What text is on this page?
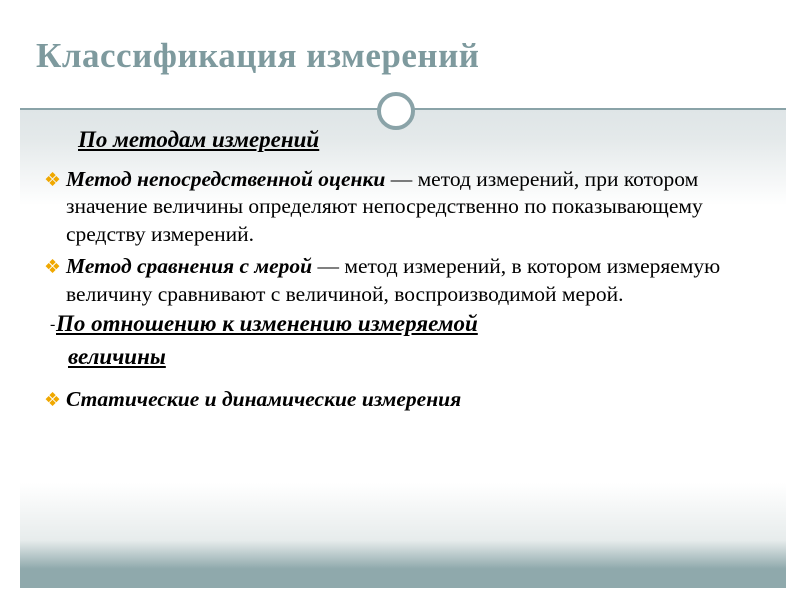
Классификация измерений
По методам измерений
❖ Метод непосредственной оценки — метод измерений, при котором значение величины определяют непосредственно по показывающему средству измерений.
❖ Метод сравнения с мерой — метод измерений, в котором измеряемую величину сравнивают с величиной, воспроизводимой мерой.
- По отношению к изменению измеряемой
величины
❖ Статические и динамические измерения
